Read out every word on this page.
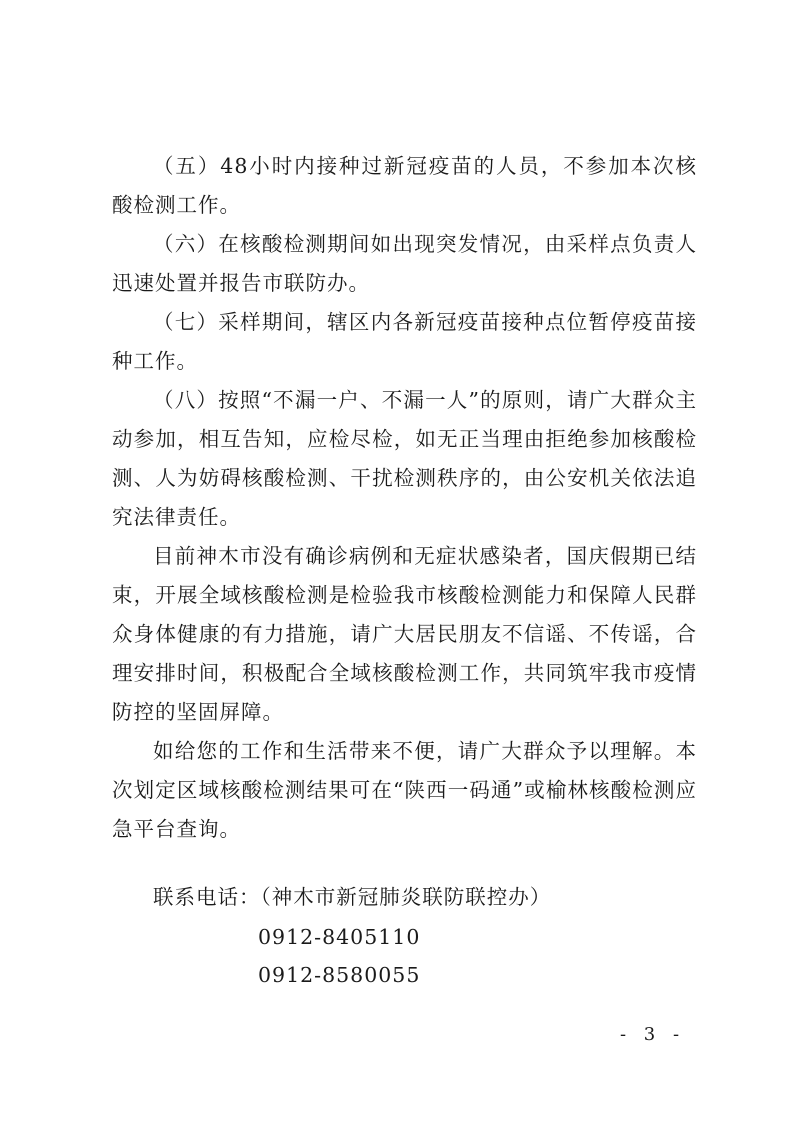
（五）48小时内接种过新冠疫苗的人员，不参加本次核酸检测工作。

（六）在核酸检测期间如出现突发情况，由采样点负责人迅速处置并报告市联防办。

（七）采样期间，辖区内各新冠疫苗接种点位暂停疫苗接种工作。

（八）按照“不漏一户、不漏一人”的原则，请广大群众主动参加，相互告知，应检尽检，如无正当理由拒绝参加核酸检测、人为妨碍核酸检测、干扰检测秩序的，由公安机关依法追究法律责任。

目前神木市没有确诊病例和无症状感染者，国庆假期已结束，开展全域核酸检测是检验我市核酸检测能力和保障人民群众身体健康的有力措施，请广大居民朋友不信谣、不传谣，合理安排时间，积极配合全域核酸检测工作，共同筑牢我市疫情防控的坚固屏障。

如给您的工作和生活带来不便，请广大群众予以理解。本次划定区域核酸检测结果可在“陕西一码通”或榆林核酸检测应急平台查询。

联系电话：（神木市新冠肺炎联防联控办）
0912-8405110
0912-8580055
- 3 -
